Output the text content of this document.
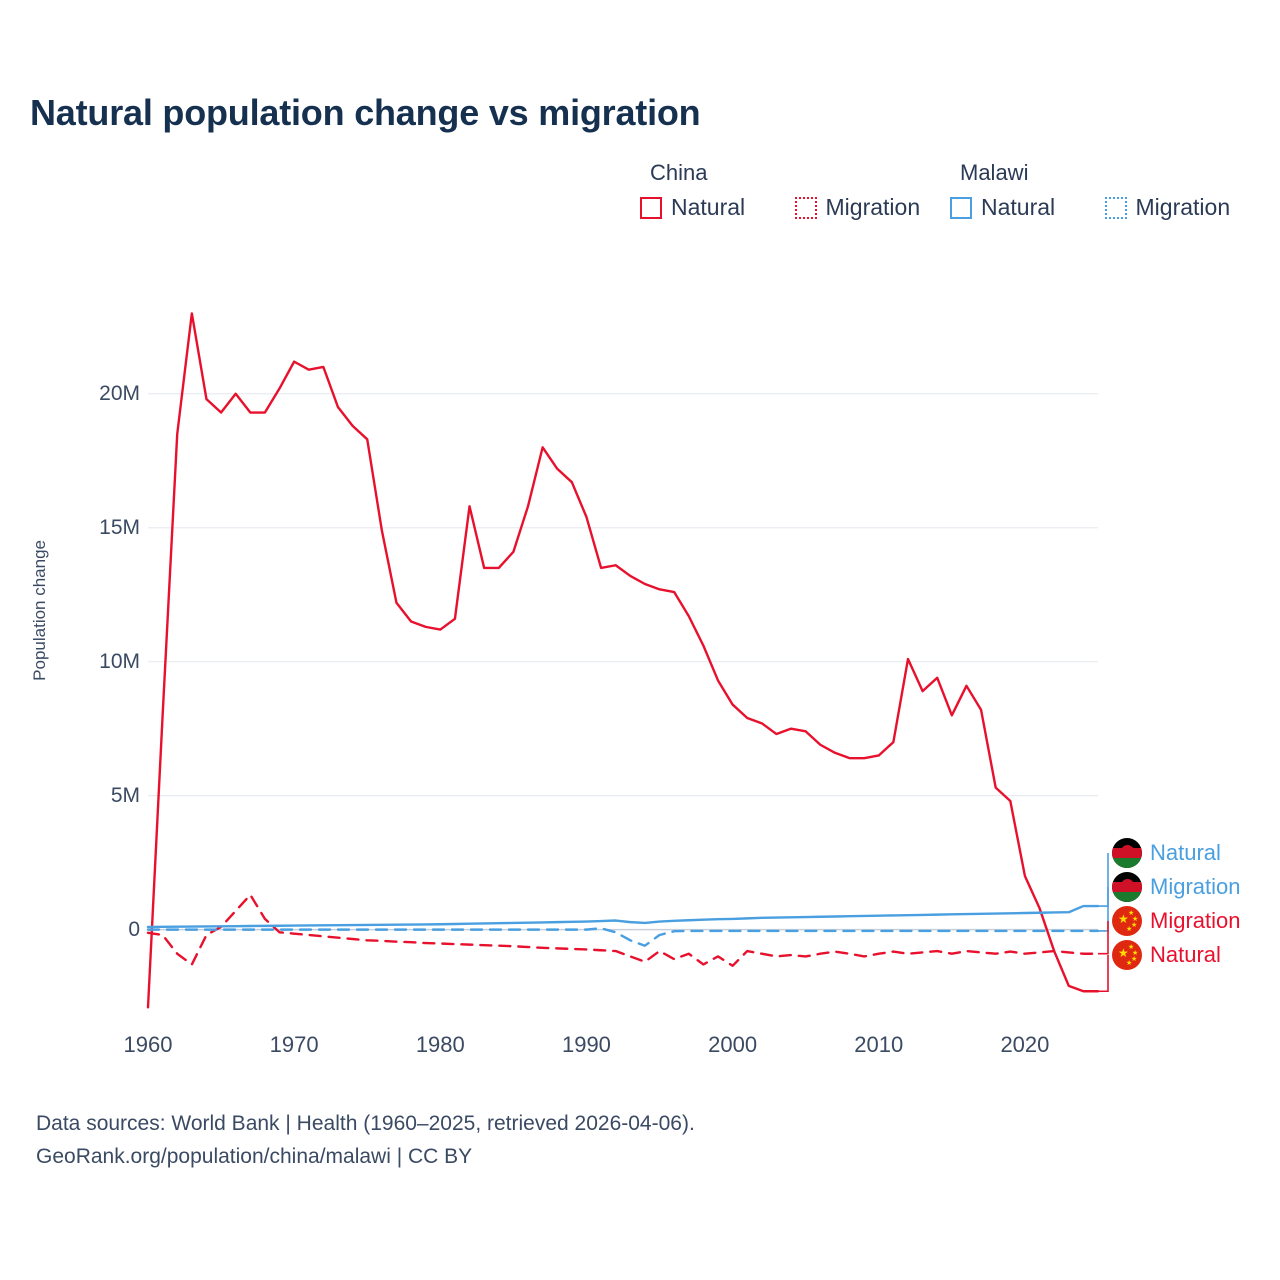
Natural population change vs migration
China	Malawi
Natural	Migration	Natural	Migration
Population change
0
5M
10M
15M
20M
1960	1970	1980	1990	2000	2010	2020
Natural
Migration
★ ★
★
★
★ Migration
★ ★
★
★
★ Natural
Data sources: World Bank | Health (1960–2025, retrieved 2026-04-06).
GeoRank.org/population/china/malawi | CC BY
